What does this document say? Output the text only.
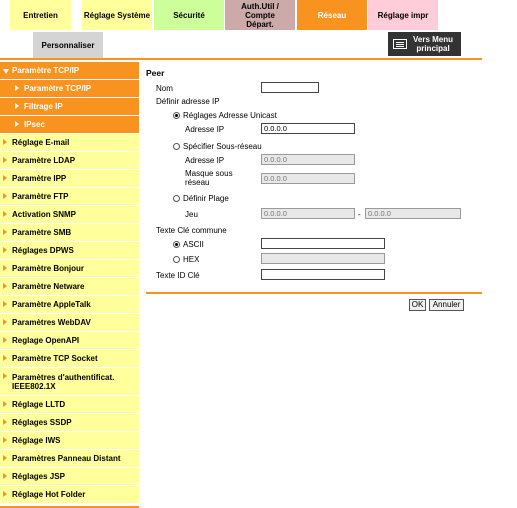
Entretien	Réglage Système	Sécurité
Auth.Util / Compte Départ.
Réseau	Réglage impr
Personnaliser
Vers Menu principal
Paramètre TCP/IP
Paramètre TCP/IP
Filtrage IP
IPsec
Réglage E-mail
Paramètre LDAP
Paramètre IPP
Paramètre FTP
Activation SNMP
Paramètre SMB
Réglages DPWS
Paramètre Bonjour
Paramètre Netware
Paramètre AppleTalk
Paramètres WebDAV
Reglage OpenAPI
Paramètre TCP Socket
Paramètres d'authentificat. IEEE802.1X
Réglage LLTD
Réglages SSDP
Réglage IWS
Paramètres Panneau Distant
Réglages JSP
Réglage Hot Folder
Peer
Nom
Définir adresse IP
Réglages Adresse Unicast
Adresse IP
0.0.0.0
Spécifier Sous-réseau
Adresse IP
0.0.0.0
Masque sous réseau
0.0.0.0
Définir Plage
Jeu
0.0.0.0	-
0.0.0.0
Texte Clé commune
ASCII
HEX
Texte ID Clé
OK	Annuler
